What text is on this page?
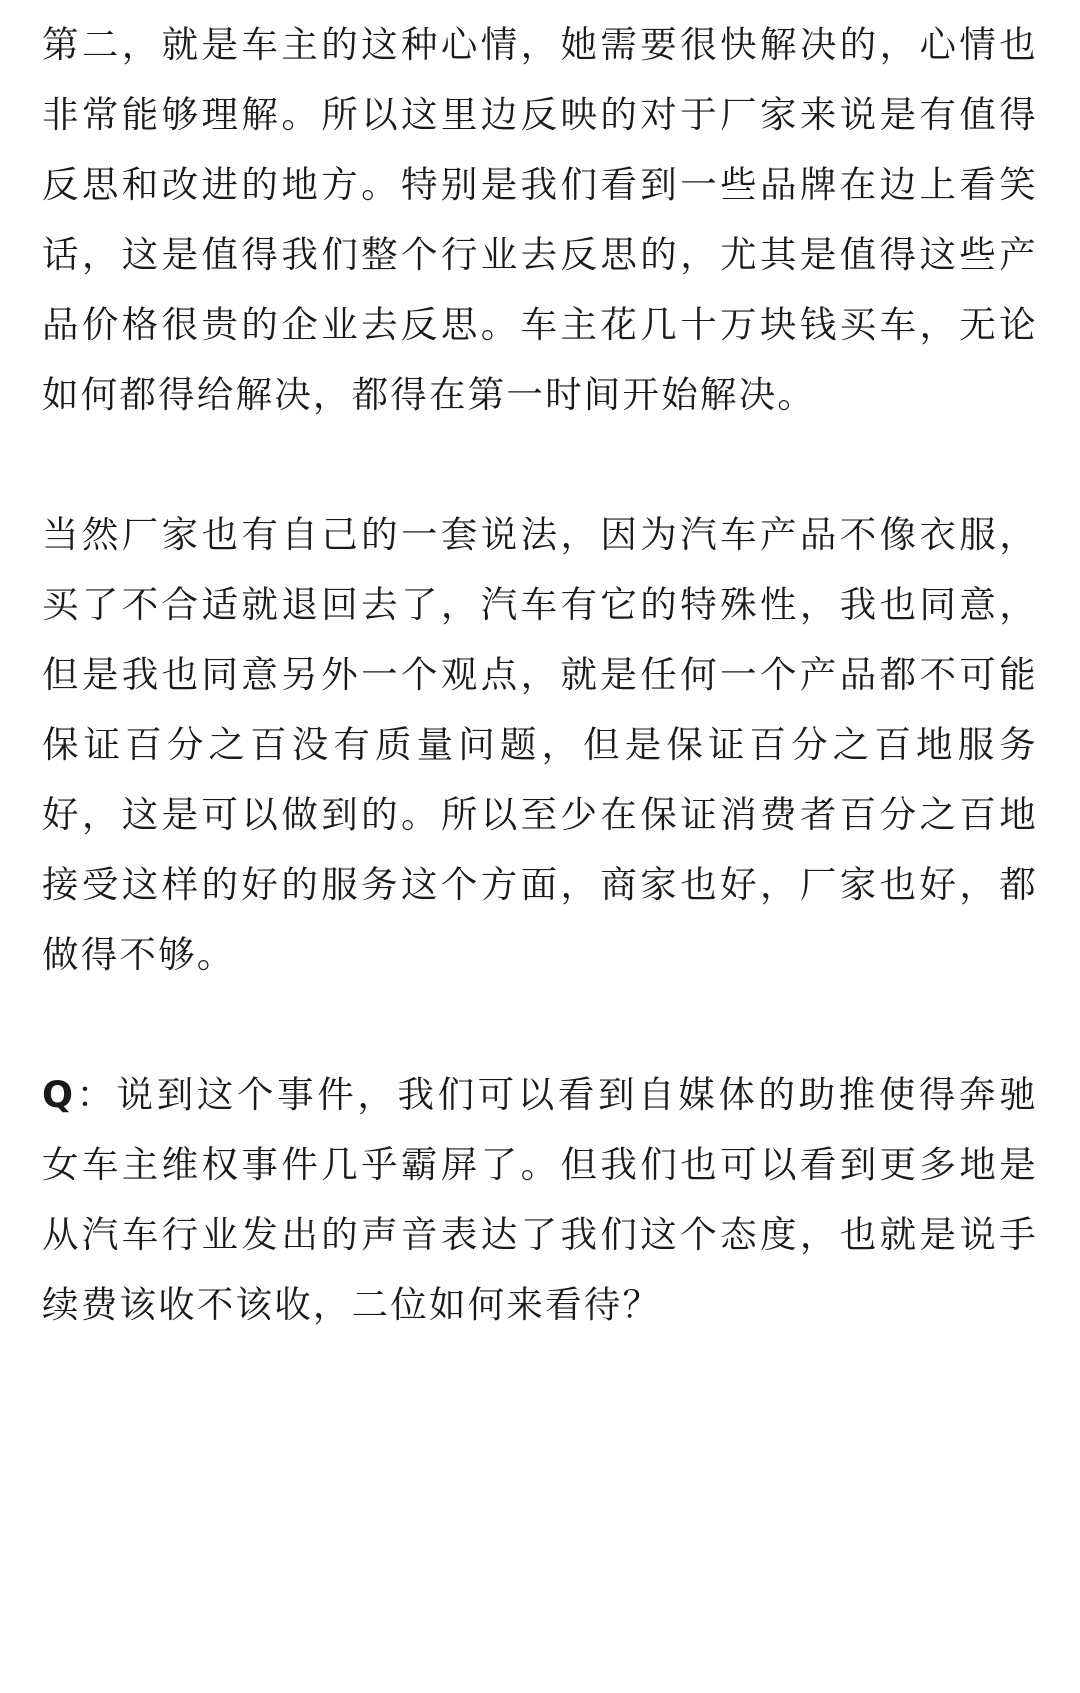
第二，就是车主的这种心情，她需要很快解决的，心情也非常能够理解。所以这里边反映的对于厂家来说是有值得反思和改进的地方。特别是我们看到一些品牌在边上看笑话，这是值得我们整个行业去反思的，尤其是值得这些产品价格很贵的企业去反思。车主花几十万块钱买车，无论如何都得给解决，都得在第一时间开始解决。

当然厂家也有自己的一套说法，因为汽车产品不像衣服，买了不合适就退回去了，汽车有它的特殊性，我也同意，但是我也同意另外一个观点，就是任何一个产品都不可能保证百分之百没有质量问题，但是保证百分之百地服务好，这是可以做到的。所以至少在保证消费者百分之百地接受这样的好的服务这个方面，商家也好，厂家也好，都做得不够。

Q：说到这个事件，我们可以看到自媒体的助推使得奔驰女车主维权事件几乎霸屏了。但我们也可以看到更多地是从汽车行业发出的声音表达了我们这个态度，也就是说手续费该收不该收，二位如何来看待？
